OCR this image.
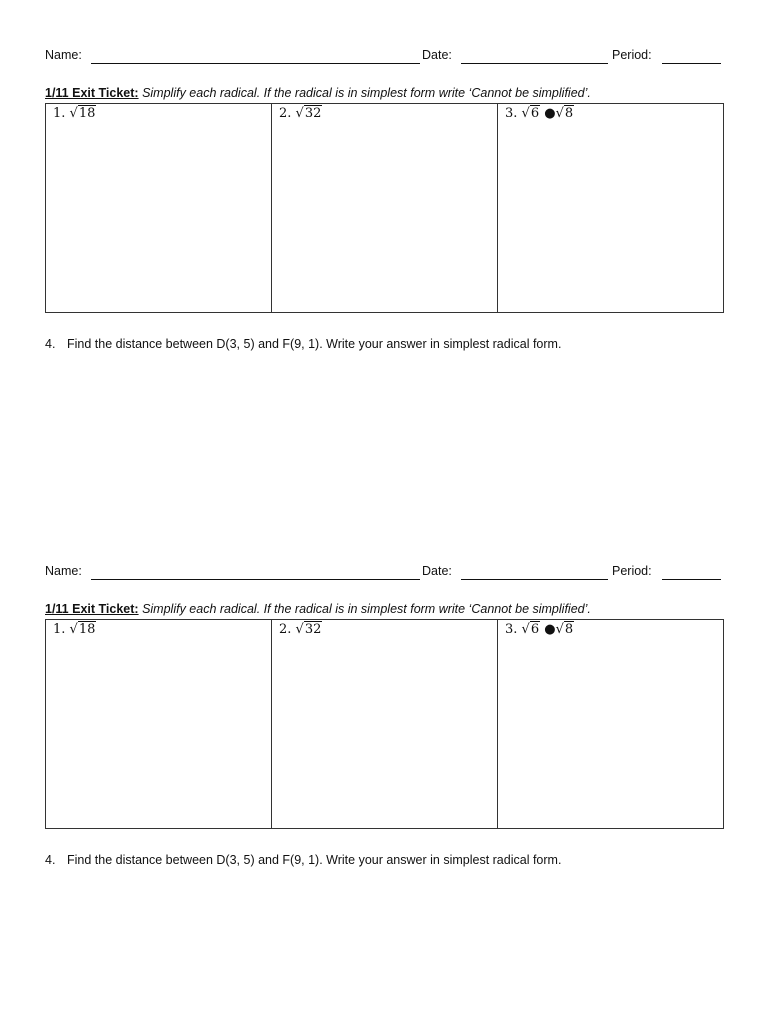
Name:	Date:	Period:
1/11 Exit Ticket: Simplify each radical. If the radical is in simplest form write ‘Cannot be simplified’.
1. √18	2. √32	3. √6 ●√8
4. Find the distance between D(3, 5) and F(9, 1). Write your answer in simplest radical form.
Name:	Date:	Period:
1/11 Exit Ticket: Simplify each radical. If the radical is in simplest form write ‘Cannot be simplified’.
1. √18	2. √32	3. √6 ●√8
4. Find the distance between D(3, 5) and F(9, 1). Write your answer in simplest radical form.
